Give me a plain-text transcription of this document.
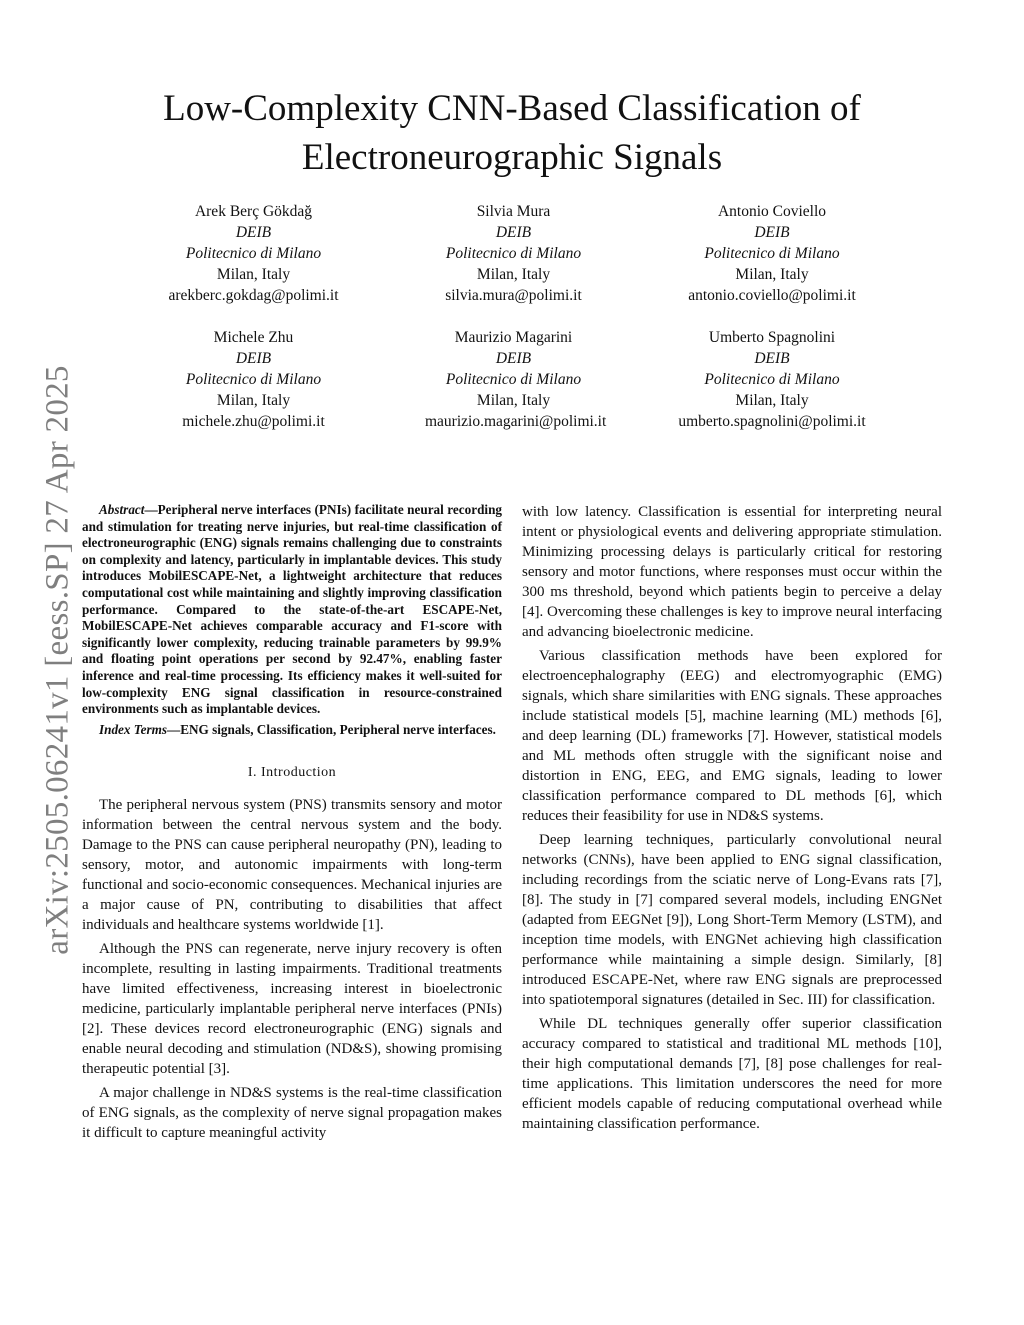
arXiv:2505.06241v1 [eess.SP] 27 Apr 2025
Low-Complexity CNN-Based Classification of Electroneurographic Signals
Arek Berç Gökdağ
DEIB
Politecnico di Milano
Milan, Italy
arekberc.gokdag@polimi.it
Silvia Mura
DEIB
Politecnico di Milano
Milan, Italy
silvia.mura@polimi.it
Antonio Coviello
DEIB
Politecnico di Milano
Milan, Italy
antonio.coviello@polimi.it
Michele Zhu
DEIB
Politecnico di Milano
Milan, Italy
michele.zhu@polimi.it
Maurizio Magarini
DEIB
Politecnico di Milano
Milan, Italy
maurizio.magarini@polimi.it
Umberto Spagnolini
DEIB
Politecnico di Milano
Milan, Italy
umberto.spagnolini@polimi.it

Abstract—Peripheral nerve interfaces (PNIs) facilitate neural recording and stimulation for treating nerve injuries, but real-time classification of electroneurographic (ENG) signals remains challenging due to constraints on complexity and latency, particularly in implantable devices. This study introduces MobilESCAPE-Net, a lightweight architecture that reduces computational cost while maintaining and slightly improving classification performance. Compared to the state-of-the-art ESCAPE-Net, MobilESCAPE-Net achieves comparable accuracy and F1-score with significantly lower complexity, reducing trainable parameters by 99.9% and floating point operations per second by 92.47%, enabling faster inference and real-time processing. Its efficiency makes it well-suited for low-complexity ENG signal classification in resource-constrained environments such as implantable devices.

Index Terms—ENG signals, Classification, Peripheral nerve interfaces.

I. Introduction

The peripheral nervous system (PNS) transmits sensory and motor information between the central nervous system and the body. Damage to the PNS can cause peripheral neuropathy (PN), leading to sensory, motor, and autonomic impairments with long-term functional and socio-economic consequences. Mechanical injuries are a major cause of PN, contributing to disabilities that affect individuals and healthcare systems worldwide [1].

Although the PNS can regenerate, nerve injury recovery is often incomplete, resulting in lasting impairments. Traditional treatments have limited effectiveness, increasing interest in bioelectronic medicine, particularly implantable peripheral nerve interfaces (PNIs) [2]. These devices record electroneurographic (ENG) signals and enable neural decoding and stimulation (ND&S), showing promising therapeutic potential [3].

A major challenge in ND&S systems is the real-time classification of ENG signals, as the complexity of nerve signal propagation makes it difficult to capture meaningful activity

with low latency. Classification is essential for interpreting neural intent or physiological events and delivering appropriate stimulation. Minimizing processing delays is particularly critical for restoring sensory and motor functions, where responses must occur within the 300 ms threshold, beyond which patients begin to perceive a delay [4]. Overcoming these challenges is key to improve neural interfacing and advancing bioelectronic medicine.

Various classification methods have been explored for electroencephalography (EEG) and electromyographic (EMG) signals, which share similarities with ENG signals. These approaches include statistical models [5], machine learning (ML) methods [6], and deep learning (DL) frameworks [7]. However, statistical models and ML methods often struggle with the significant noise and distortion in ENG, EEG, and EMG signals, leading to lower classification performance compared to DL methods [6], which reduces their feasibility for use in ND&S systems.

Deep learning techniques, particularly convolutional neural networks (CNNs), have been applied to ENG signal classification, including recordings from the sciatic nerve of Long-Evans rats [7], [8]. The study in [7] compared several models, including ENGNet (adapted from EEGNet [9]), Long Short-Term Memory (LSTM), and inception time models, with ENGNet achieving high classification performance while maintaining a simple design. Similarly, [8] introduced ESCAPE-Net, where raw ENG signals are preprocessed into spatiotemporal signatures (detailed in Sec. III) for classification.

While DL techniques generally offer superior classification accuracy compared to statistical and traditional ML methods [10], their high computational demands [7], [8] pose challenges for real-time applications. This limitation underscores the need for more efficient models capable of reducing computational overhead while maintaining classification performance.
